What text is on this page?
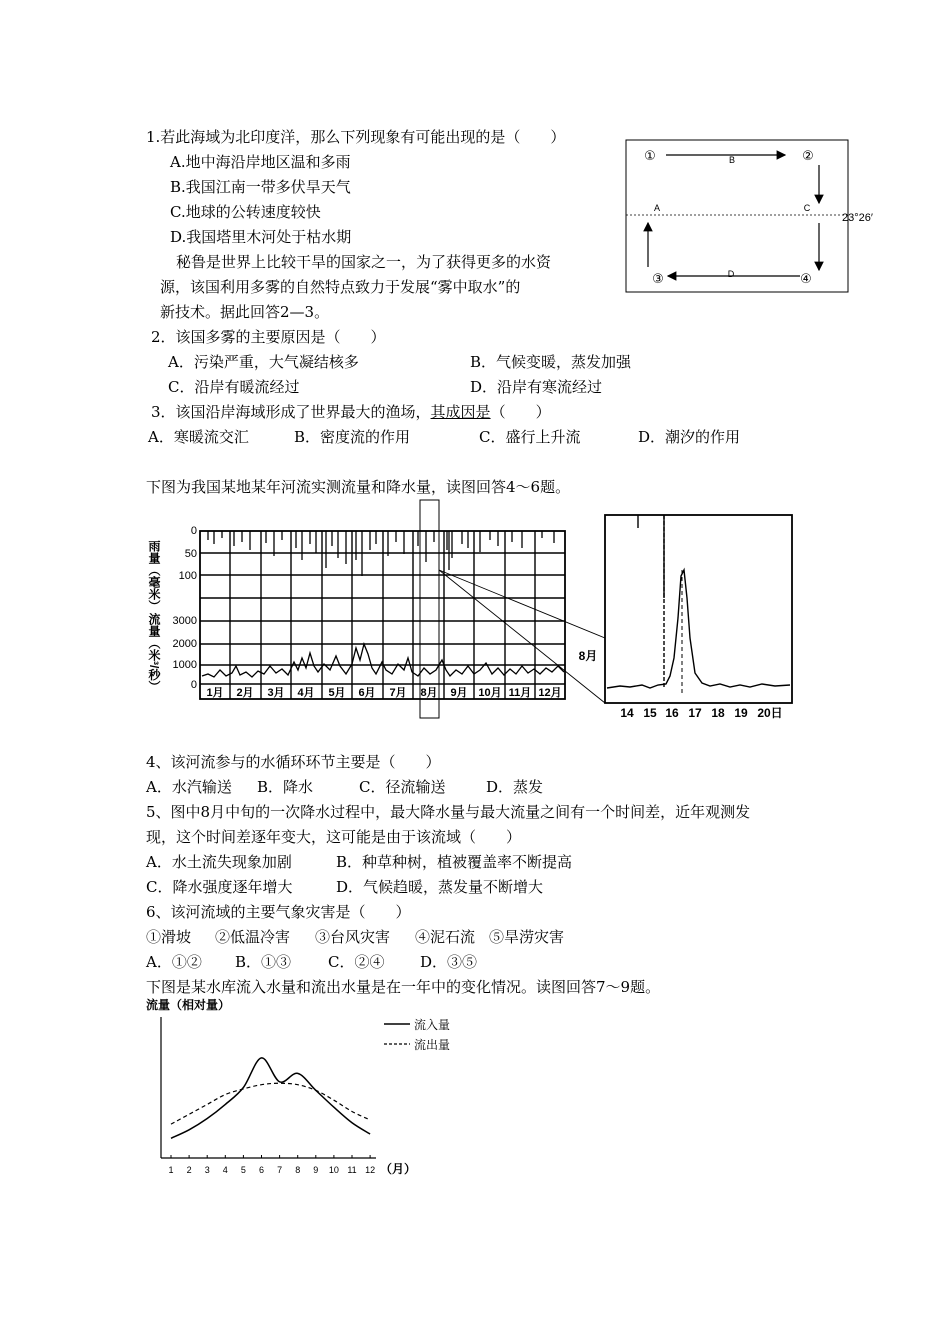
1.若此海域为北印度洋，那么下列现象有可能出现的是（　　）
A.地中海沿岸地区温和多雨
B.我国江南一带多伏旱天气
C.地球的公转速度较快
D.我国塔里木河处于枯水期
秘鲁是世界上比较干旱的国家之一，为了获得更多的水资
源，该国利用多雾的自然特点致力于发展“雾中取水”的
新技术。据此回答2—3。
2．该国多雾的主要原因是（　　）
A．污染严重，大气凝结核多	B．气候变暖，蒸发加强
C．沿岸有暖流经过	D．沿岸有寒流经过
3．该国沿岸海域形成了世界最大的渔场，其成因是（　　）
A．寒暖流交汇	B．密度流的作用	C．盛行上升流	D．潮汐的作用
①	B	②
A	C
③	D	④
23°26′
下图为我国某地某年河流实测流量和降水量，读图回答4～6题。
雨量（毫米）
流量（米³/秒）
0
50
100
3000
2000
1000
0
1月 2月 3月 4月 5月 6月 7月 8月 9月 10月 11月 12月
8月
14 15 16 17 18 19 20日
4、该河流参与的水循环环节主要是（　　）
A．水汽输送 B．降水	C．径流输送	D．蒸发
5、图中8月中旬的一次降水过程中，最大降水量与最大流量之间有一个时间差，近年观测发
现，这个时间差逐年变大，这可能是由于该流域（　　）
A．水土流失现象加剧	B．种草种树，植被覆盖率不断提高
C．降水强度逐年增大	D．气候趋暖，蒸发量不断增大
6、该河流域的主要气象灾害是（　　）
①滑坡 ②低温冷害 ③台风灾害 ④泥石流 ⑤旱涝灾害
A．①② B．①③ C．②④ D．③⑤
下图是某水库流入水量和流出水量是在一年中的变化情况。读图回答7～9题。
流量（相对量）
（月）
1 2 3 4 5 6 7 8 9 10 11 12
流入量
流出量
